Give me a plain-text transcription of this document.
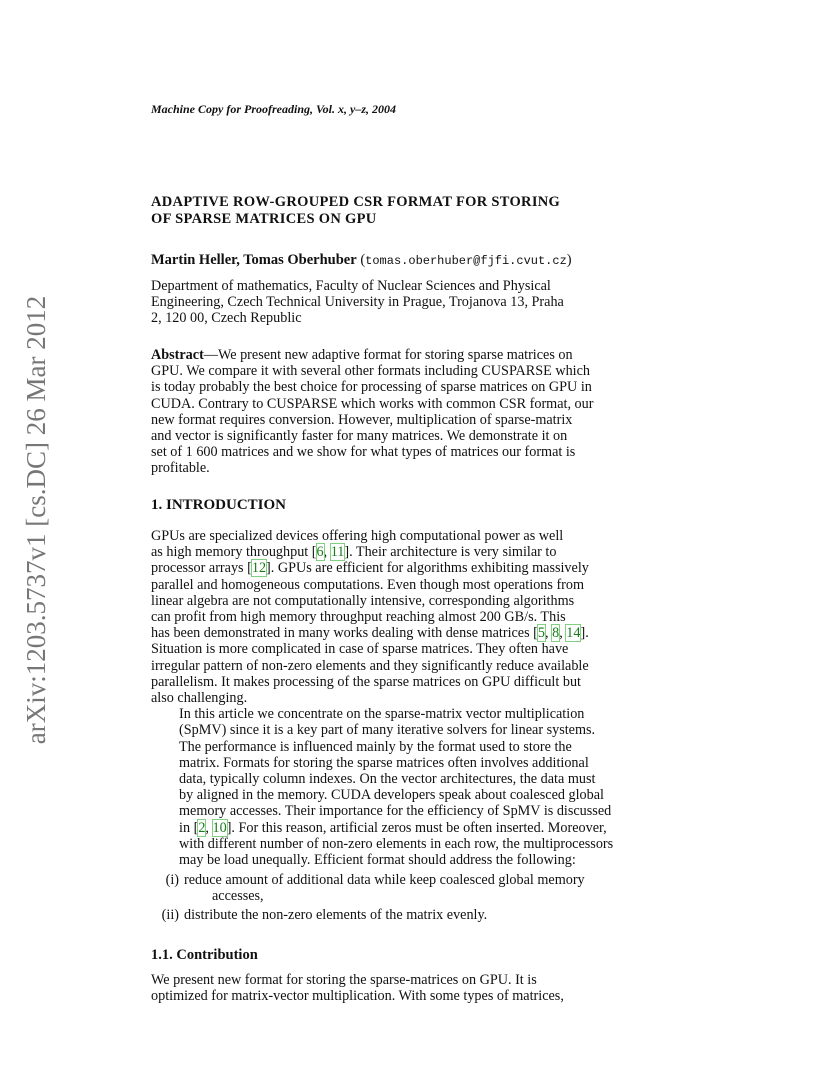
arXiv:1203.5737v1 [cs.DC] 26 Mar 2012
Machine Copy for Proofreading, Vol. x, y–z, 2004
ADAPTIVE ROW-GROUPED CSR FORMAT FOR STORING
OF SPARSE MATRICES ON GPU
Martin Heller, Tomas Oberhuber (tomas.oberhuber@fjfi.cvut.cz)
Department of mathematics, Faculty of Nuclear Sciences and Physical
Engineering, Czech Technical University in Prague, Trojanova 13, Praha
2, 120 00, Czech Republic
Abstract—We present new adaptive format for storing sparse matrices on
GPU. We compare it with several other formats including CUSPARSE which
is today probably the best choice for processing of sparse matrices on GPU in
CUDA. Contrary to CUSPARSE which works with common CSR format, our
new format requires conversion. However, multiplication of sparse-matrix
and vector is significantly faster for many matrices. We demonstrate it on
set of 1 600 matrices and we show for what types of matrices our format is
profitable.
1. INTRODUCTION

GPUs are specialized devices offering high computational power as well
as high memory throughput [6, 11]. Their architecture is very similar to
processor arrays [12]. GPUs are efficient for algorithms exhibiting massively
parallel and homogeneous computations. Even though most operations from
linear algebra are not computationally intensive, corresponding algorithms
can profit from high memory throughput reaching almost 200 GB/s. This
has been demonstrated in many works dealing with dense matrices [5, 8, 14].
Situation is more complicated in case of sparse matrices. They often have
irregular pattern of non-zero elements and they significantly reduce available
parallelism. It makes processing of the sparse matrices on GPU difficult but
also challenging.

In this article we concentrate on the sparse-matrix vector multiplication
(SpMV) since it is a key part of many iterative solvers for linear systems.
The performance is influenced mainly by the format used to store the
matrix. Formats for storing the sparse matrices often involves additional
data, typically column indexes. On the vector architectures, the data must
by aligned in the memory. CUDA developers speak about coalesced global
memory accesses. Their importance for the efficiency of SpMV is discussed
in [2, 10]. For this reason, artificial zeros must be often inserted. Moreover,
with different number of non-zero elements in each row, the multiprocessors
may be load unequally. Efficient format should address the following:

(i) reduce amount of additional data while keep coalesced global memory
accesses,
(ii) distribute the non-zero elements of the matrix evenly.
1.1. Contribution
We present new format for storing the sparse-matrices on GPU. It is
optimized for matrix-vector multiplication. With some types of matrices,
